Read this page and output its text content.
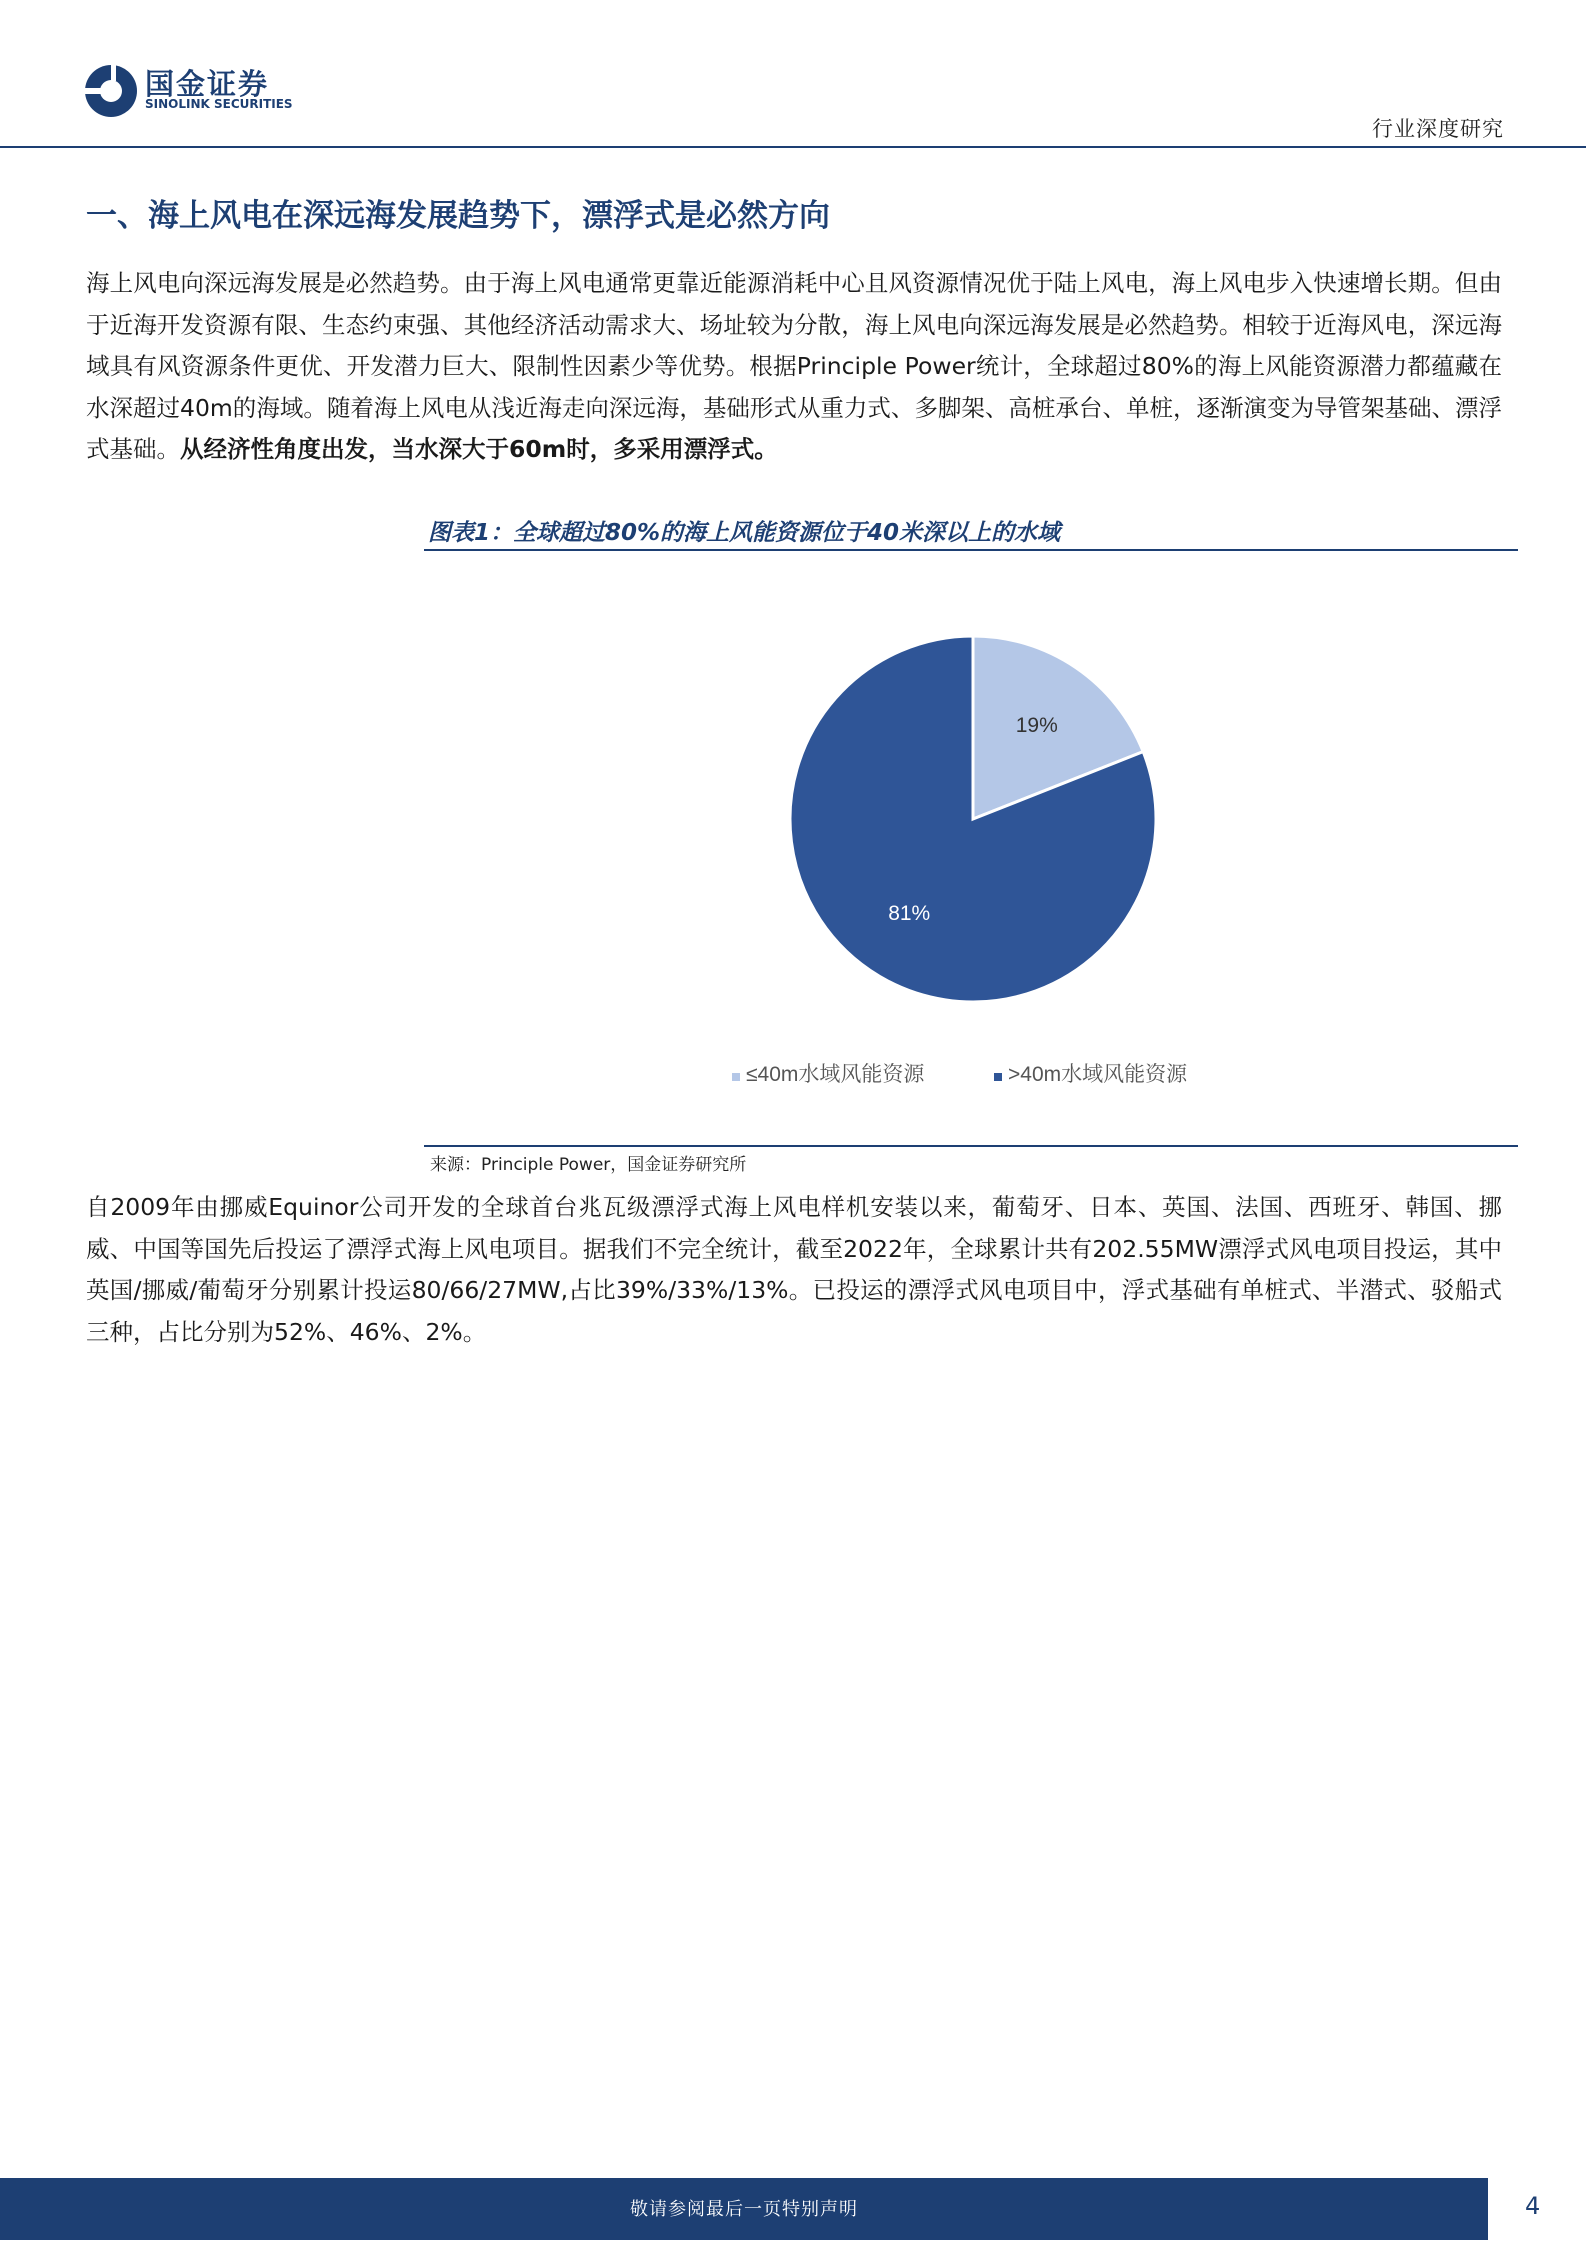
国金证券
SINOLINK SECURITIES
行业深度研究
一、海上风电在深远海发展趋势下，漂浮式是必然方向

海上风电向深远海发展是必然趋势。由于海上风电通常更靠近能源消耗中心且风资源情况优于陆上风电，海上风电步入快速增长期。但由于近海开发资源有限、生态约束强、其他经济活动需求大、场址较为分散，海上风电向深远海发展是必然趋势。相较于近海风电，深远海域具有风资源条件更优、开发潜力巨大、限制性因素少等优势。根据Principle Power统计，全球超过80%的海上风能资源潜力都蕴藏在水深超过40m的海域。随着海上风电从浅近海走向深远海，基础形式从重力式、多脚架、高桩承台、单桩，逐渐演变为导管架基础、漂浮式基础。从经济性角度出发，当水深大于60m时，多采用漂浮式。

图表1：全球超过80%的海上风能资源位于40米深以上的水域
19%
81%
≤40m水域风能资源	>40m水域风能资源
来源：Principle Power，国金证券研究所

自2009年由挪威Equinor公司开发的全球首台兆瓦级漂浮式海上风电样机安装以来，葡萄牙、日本、英国、法国、西班牙、韩国、挪威、中国等国先后投运了漂浮式海上风电项目。据我们不完全统计，截至2022年，全球累计共有202.55MW漂浮式风电项目投运，其中英国/挪威/葡萄牙分别累计投运80/66/27MW,占比39%/33%/13%。已投运的漂浮式风电项目中，浮式基础有单桩式、半潜式、驳船式三种，占比分别为52%、46%、2%。

敬请参阅最后一页特别声明	4
